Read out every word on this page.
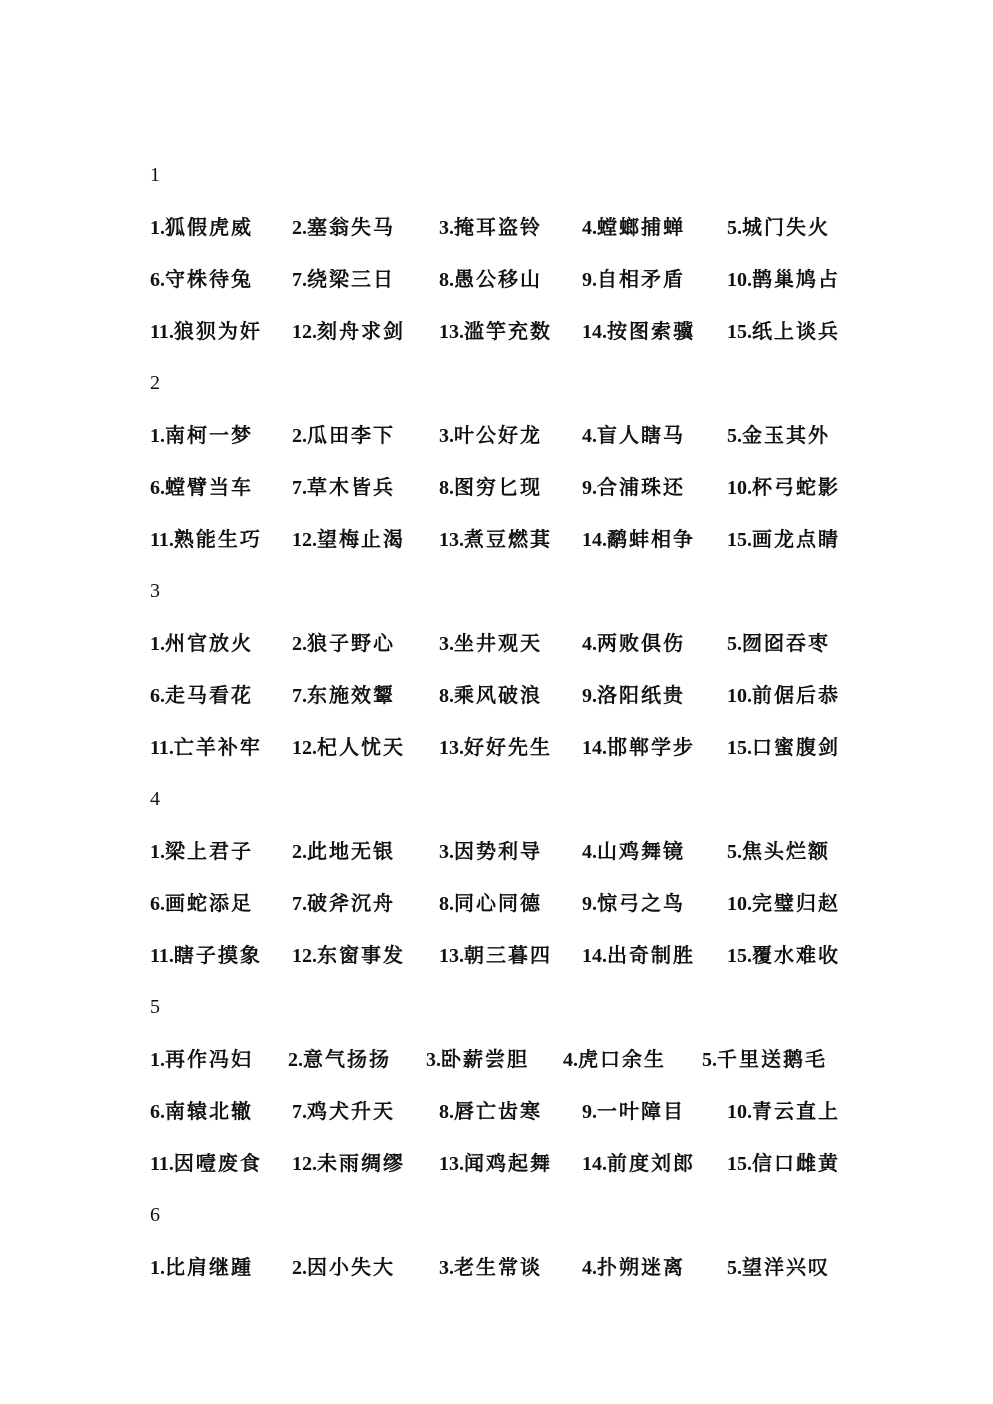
1
1.狐假虎威 2.塞翁失马 3.掩耳盗铃 4.螳螂捕蝉 5.城门失火
6.守株待兔 7.绕梁三日 8.愚公移山 9.自相矛盾 10.鹊巢鸠占
11.狼狈为奸 12.刻舟求剑 13.滥竽充数 14.按图索骥 15.纸上谈兵
2
1.南柯一梦 2.瓜田李下 3.叶公好龙 4.盲人瞎马 5.金玉其外
6.螳臂当车 7.草木皆兵 8.图穷匕现 9.合浦珠还 10.杯弓蛇影
11.熟能生巧 12.望梅止渴 13.煮豆燃萁 14.鹬蚌相争 15.画龙点睛
3
1.州官放火 2.狼子野心 3.坐井观天 4.两败俱伤 5.囫囵吞枣
6.走马看花 7.东施效颦 8.乘风破浪 9.洛阳纸贵 10.前倨后恭
11.亡羊补牢 12.杞人忧天 13.好好先生 14.邯郸学步 15.口蜜腹剑
4
1.梁上君子 2.此地无银 3.因势利导 4.山鸡舞镜 5.焦头烂额
6.画蛇添足 7.破斧沉舟 8.同心同德 9.惊弓之鸟 10.完璧归赵
11.瞎子摸象 12.东窗事发 13.朝三暮四 14.出奇制胜 15.覆水难收
5
1.再作冯妇 2.意气扬扬 3.卧薪尝胆 4.虎口余生 5.千里送鹅毛
6.南辕北辙 7.鸡犬升天 8.唇亡齿寒 9.一叶障目 10.青云直上
11.因噎废食 12.未雨绸缪 13.闻鸡起舞 14.前度刘郎 15.信口雌黄
6
1.比肩继踵 2.因小失大 3.老生常谈 4.扑朔迷离 5.望洋兴叹
